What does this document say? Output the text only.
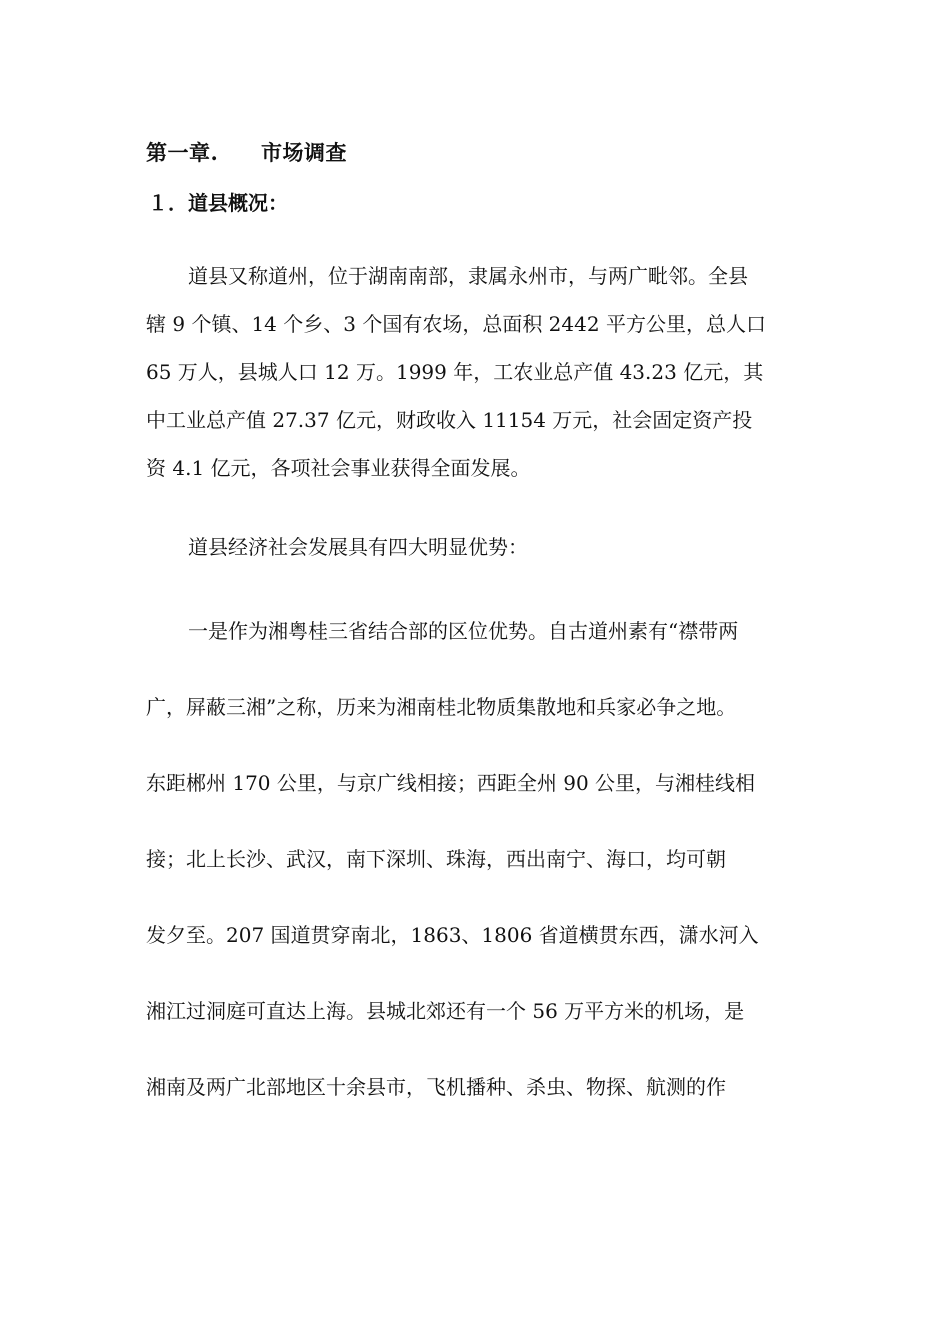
第一章. 市场调查
１．道县概况：
道县又称道州，位于湖南南部，隶属永州市，与两广毗邻。全县
辖 9 个镇、14 个乡、3 个国有农场，总面积 2442 平方公里，总人口
65 万人，县城人口 12 万。1999 年，工农业总产值 43.23 亿元，其
中工业总产值 27.37 亿元，财政收入 11154 万元，社会固定资产投
资 4.1 亿元，各项社会事业获得全面发展。
道县经济社会发展具有四大明显优势：
一是作为湘粤桂三省结合部的区位优势。自古道州素有“襟带两
广，屏蔽三湘”之称，历来为湘南桂北物质集散地和兵家必争之地。
东距郴州 170 公里，与京广线相接；西距全州 90 公里，与湘桂线相
接；北上长沙、武汉，南下深圳、珠海，西出南宁、海口，均可朝
发夕至。207 国道贯穿南北，1863、1806 省道横贯东西，潇水河入
湘江过洞庭可直达上海。县城北郊还有一个 56 万平方米的机场，是
湘南及两广北部地区十余县市，飞机播种、杀虫、物探、航测的作
